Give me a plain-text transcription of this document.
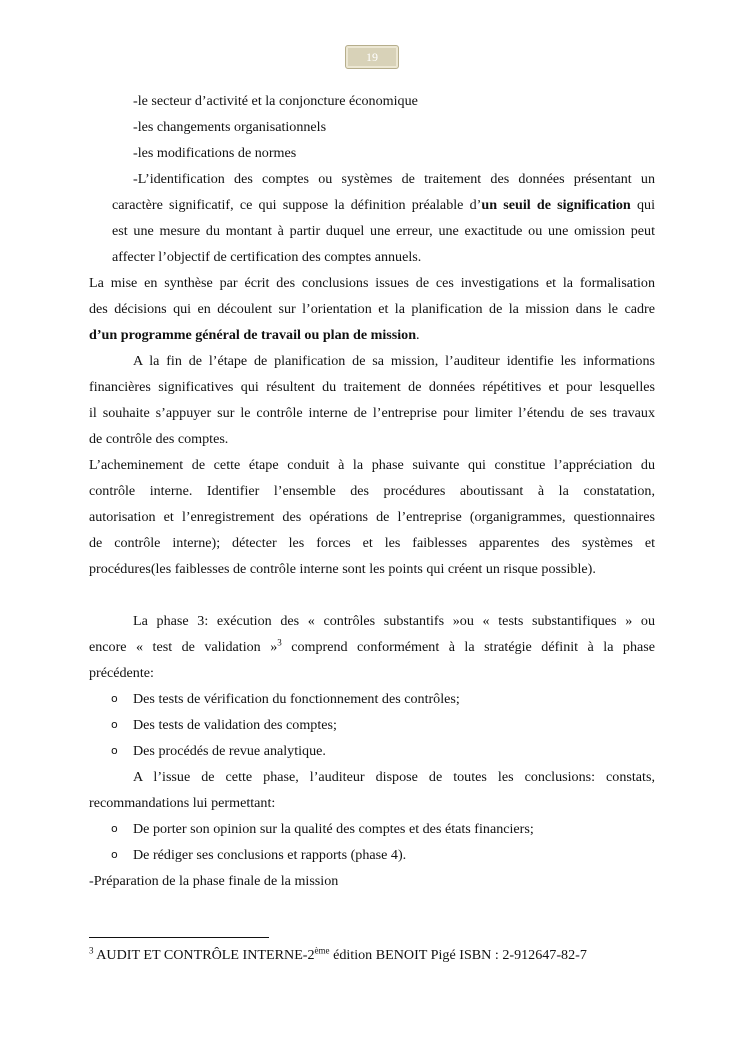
19
-le secteur d’activité et la conjoncture économique
-les changements organisationnels
-les modifications de normes
-L’identification des comptes ou systèmes de traitement des données présentant un
caractère significatif, ce qui suppose la définition préalable d’un seuil de signification qui
est une mesure du montant à partir duquel une erreur, une exactitude ou une omission peut
affecter l’objectif de certification des comptes annuels.
La mise en synthèse par écrit des conclusions issues de ces investigations et la formalisation
des décisions qui en découlent sur l’orientation et la planification de la mission dans le cadre
d’un programme général de travail ou plan de mission.
A la fin de l’étape de planification de sa mission, l’auditeur identifie les informations
financières significatives qui résultent du traitement de données répétitives et pour lesquelles
il souhaite s’appuyer sur le contrôle interne de l’entreprise pour limiter l’étendu de ses travaux
de contrôle des comptes.
L’acheminement de cette étape conduit à la phase suivante qui constitue l’appréciation du
contrôle interne. Identifier l’ensemble des procédures aboutissant à la constatation,
autorisation et l’enregistrement des opérations de l’entreprise (organigrammes, questionnaires
de contrôle interne); détecter les forces et les faiblesses apparentes des systèmes et
procédures(les faiblesses de contrôle interne sont les points qui créent un risque possible).
La phase 3: exécution des « contrôles substantifs »ou « tests substantifiques » ou
encore « test de validation »$^3$ comprend conformément à la stratégie définit à la phase
précédente:
o Des tests de vérification du fonctionnement des contrôles;
o Des tests de validation des comptes;
o Des procédés de revue analytique.
A l’issue de cette phase, l’auditeur dispose de toutes les conclusions: constats,
recommandations lui permettant:
o De porter son opinion sur la qualité des comptes et des états financiers;
o De rédiger ses conclusions et rapports (phase 4).
-Préparation de la phase finale de la mission
$^3$ AUDIT ET CONTRÔLE INTERNE-2ème édition BENOIT Pigé ISBN : 2-912647-82-7
